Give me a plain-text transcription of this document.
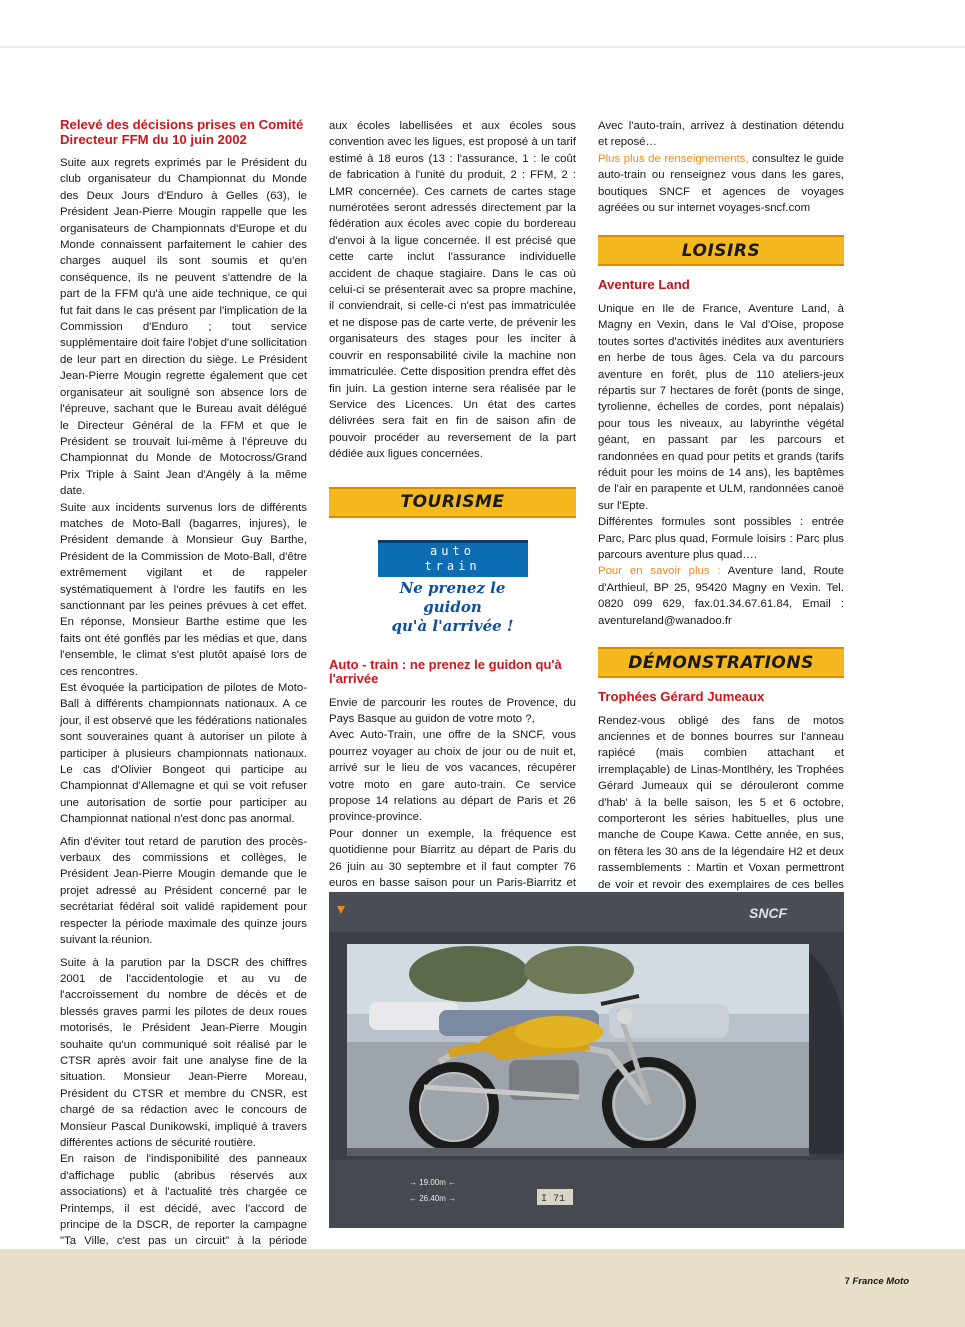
Relevé des décisions prises en Comité Directeur FFM du 10 juin 2002

Suite aux regrets exprimés par le Président du club organisateur du Championnat du Monde des Deux Jours d'Enduro à Gelles (63), le Président Jean-Pierre Mougin rappelle que les organisateurs de Championnats d'Europe et du Monde connaissent parfaitement le cahier des charges auquel ils sont soumis et qu'en conséquence, ils ne peuvent s'attendre de la part de la FFM qu'à une aide technique, ce qui fut fait dans le cas présent par l'implication de la Commission d'Enduro ; tout service supplémentaire doit faire l'objet d'une sollicitation de leur part en direction du siège. Le Président Jean-Pierre Mougin regrette également que cet organisateur ait souligné son absence lors de l'épreuve, sachant que le Bureau avait délégué le Directeur Général de la FFM et que le Président se trouvait lui-même à l'épreuve du Championnat du Monde de Motocross/Grand Prix Triple à Saint Jean d'Angély à la même date.

Suite aux incidents survenus lors de différents matches de Moto-Ball (bagarres, injures), le Président demande à Monsieur Guy Barthe, Président de la Commission de Moto-Ball, d'être extrêmement vigilant et de rappeler systématiquement à l'ordre les fautifs en les sanctionnant par les peines prévues à cet effet. En réponse, Monsieur Barthe estime que les faits ont été gonflés par les médias et que, dans l'ensemble, le climat s'est plutôt apaisé lors de ces rencontres.

Est évoquée la participation de pilotes de Moto-Ball à différents championnats nationaux. A ce jour, il est observé que les fédérations nationales sont souveraines quant à autoriser un pilote à participer à plusieurs championnats nationaux. Le cas d'Olivier Bongeot qui participe au Championnat d'Allemagne et qui se voit refuser une autorisation de sortie pour participer au Championnat national n'est donc pas anormal.

Afin d'éviter tout retard de parution des procès-verbaux des commissions et collèges, le Président Jean-Pierre Mougin demande que le projet adressé au Président concerné par le secrétariat fédéral soit validé rapidement pour respecter la période maximale des quinze jours suivant la réunion.

Suite à la parution par la DSCR des chiffres 2001 de l'accidentologie et au vu de l'accroissement du nombre de décès et de blessés graves parmi les pilotes de deux roues motorisés, le Président Jean-Pierre Mougin souhaite qu'un communiqué soit réalisé par le CTSR après avoir fait une analyse fine de la situation. Monsieur Jean-Pierre Moreau, Président du CTSR et membre du CNSR, est chargé de sa rédaction avec le concours de Monsieur Pascal Dunikowski, impliqué à travers différentes actions de sécurité routière.

En raison de l'indisponibilité des panneaux d'affichage public (abribus réservés aux associations) et à l'actualité très chargée ce Printemps, il est décidé, avec l'accord de principe de la DSCR, de reporter la campagne "Ta Ville, c'est pas un circuit" à la période

aux écoles labellisées et aux écoles sous convention avec les ligues, est proposé à un tarif estimé à 18 euros (13 : l'assurance, 1 : le coût de fabrication à l'unité du produit, 2 : FFM, 2 : LMR concernée). Ces carnets de cartes stage numérotées seront adressés directement par la fédération aux écoles avec copie du bordereau d'envoi à la ligue concernée. Il est précisé que cette carte inclut l'assurance individuelle accident de chaque stagiaire. Dans le cas où celui-ci se présenterait avec sa propre machine, il conviendrait, si celle-ci n'est pas immatriculée et ne dispose pas de carte verte, de prévenir les organisateurs des stages pour les inciter à couvrir en responsabilité civile la machine non immatriculée. Cette disposition prendra effet dès fin juin. La gestion interne sera réalisée par le Service des Licences. Un état des cartes délivrées sera fait en fin de saison afin de pouvoir procéder au reversement de la part dédiée aux ligues concernées.

TOURISME
auto
train
Ne prenez le guidon
qu'à l'arrivée !
Auto - train : ne prenez le guidon qu'à l'arrivée

Envie de parcourir les routes de Provence, du Pays Basque au guidon de votre moto ?,

Avec Auto-Train, une offre de la SNCF, vous pourrez voyager au choix de jour ou de nuit et, arrivé sur le lieu de vos vacances, récupérer votre moto en gare auto-train. Ce service propose 14 relations au départ de Paris et 26 province-province.

Pour donner un exemple, la fréquence est quotidienne pour Biarritz au départ de Paris du 26 juin au 30 septembre et il faut compter 76 euros en basse saison pour un Paris-Biarritz et

Avec l'auto-train, arrivez à destination détendu et reposé…

Plus plus de renseignements, consultez le guide auto-train ou renseignez vous dans les gares, boutiques SNCF et agences de voyages agréées ou sur internet voyages-sncf.com

LOISIRS
Aventure Land

Unique en Ile de France, Aventure Land, à Magny en Vexin, dans le Val d'Oise, propose toutes sortes d'activités inédites aux aventuriers en herbe de tous âges. Cela va du parcours aventure en forêt, plus de 110 ateliers-jeux répartis sur 7 hectares de forêt (ponts de singe, tyrolienne, échelles de cordes, pont népalais) pour tous les niveaux, au labyrinthe végétal géant, en passant par les parcours et randonnées en quad pour petits et grands (tarifs réduit pour les moins de 14 ans), les baptêmes de l'air en parapente et ULM, randonnées canoë sur l'Epte.

Différentes formules sont possibles : entrée Parc, Parc plus quad, Formule loisirs : Parc plus parcours aventure plus quad….

Pour en savoir plus : Aventure land, Route d'Arthieul, BP 25, 95420 Magny en Vexin. Tel. 0820 099 629, fax.01.34.67.61.84, Email : aventureland@wanadoo.fr

DÉMONSTRATIONS
Trophées Gérard Jumeaux

Rendez-vous obligé des fans de motos anciennes et de bonnes bourres sur l'anneau rapiécé (mais combien attachant et irremplaçable) de Linas-Montlhéry, les Trophées Gérard Jumeaux qui se dérouleront comme d'hab' à la belle saison, les 5 et 6 octobre, comporteront les séries habituelles, plus une manche de Coupe Kawa. Cette année, en sus, on fêtera les 30 ans de la légendaire H2 et deux rassemblements : Martin et Voxan permettront de voir et revoir des exemplaires de ces belles

SNCF
→ 19.00m ←
← 26.40m →	I 71
7 France Moto
